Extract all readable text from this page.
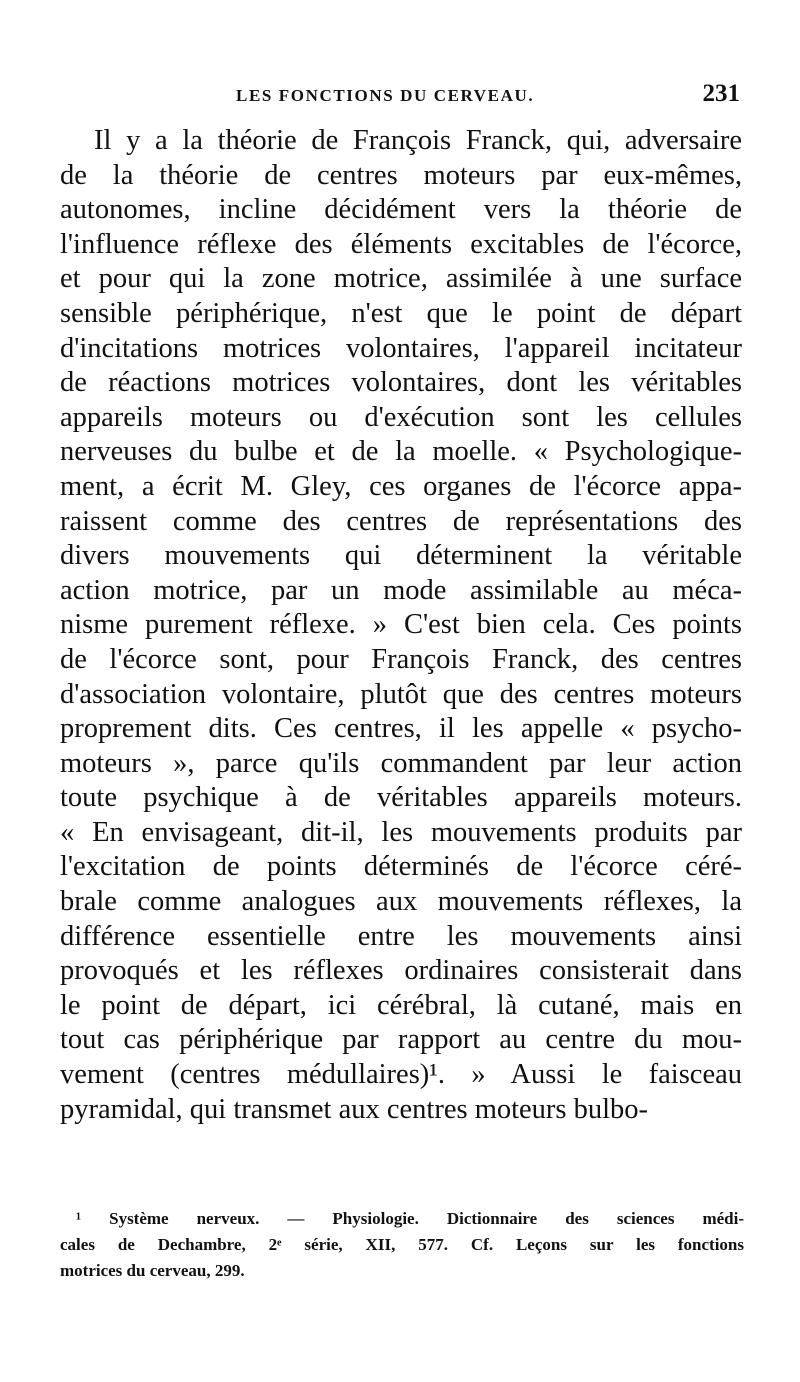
LES FONCTIONS DU CERVEAU.	231
Il y a la théorie de François Franck, qui, adversaire
de la théorie de centres moteurs par eux-mêmes,
autonomes, incline décidément vers la théorie de
l'influence réflexe des éléments excitables de l'écorce,
et pour qui la zone motrice, assimilée à une surface
sensible périphérique, n'est que le point de départ
d'incitations motrices volontaires, l'appareil incitateur
de réactions motrices volontaires, dont les véritables
appareils moteurs ou d'exécution sont les cellules
nerveuses du bulbe et de la moelle. « Psychologique-
ment, a écrit M. Gley, ces organes de l'écorce appa-
raissent comme des centres de représentations des
divers mouvements qui déterminent la véritable
action motrice, par un mode assimilable au méca-
nisme purement réflexe. » C'est bien cela. Ces points
de l'écorce sont, pour François Franck, des centres
d'association volontaire, plutôt que des centres moteurs
proprement dits. Ces centres, il les appelle « psycho-
moteurs », parce qu'ils commandent par leur action
toute psychique à de véritables appareils moteurs.
« En envisageant, dit-il, les mouvements produits par
l'excitation de points déterminés de l'écorce céré-
brale comme analogues aux mouvements réflexes, la
différence essentielle entre les mouvements ainsi
provoqués et les réflexes ordinaires consisterait dans
le point de départ, ici cérébral, là cutané, mais en
tout cas périphérique par rapport au centre du mou-
vement (centres médullaires)¹. » Aussi le faisceau
pyramidal, qui transmet aux centres moteurs bulbo-
¹ Système nerveux. — Physiologie. Dictionnaire des sciences médi-
cales de Dechambre, 2ᵉ série, XII, 577. Cf. Leçons sur les fonctions
motrices du cerveau, 299.
